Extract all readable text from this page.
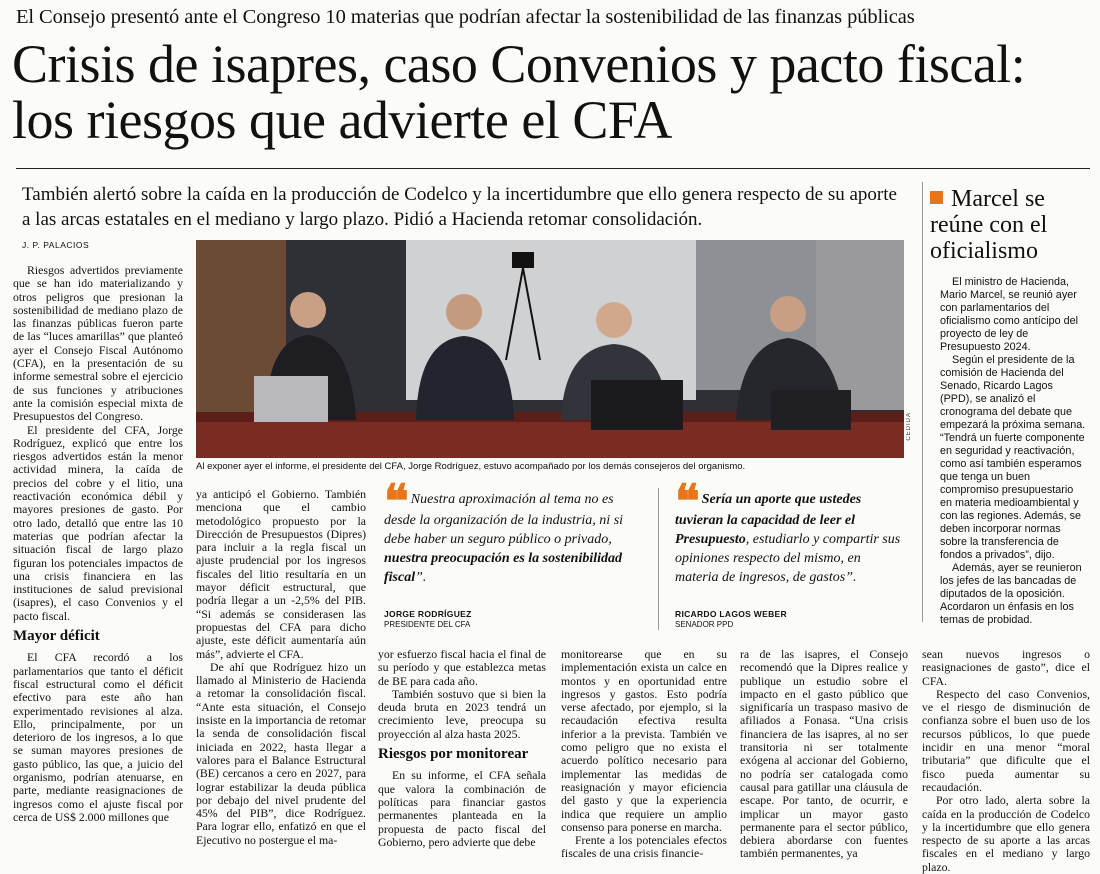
El Consejo presentó ante el Congreso 10 materias que podrían afectar la sostenibilidad de las finanzas públicas
Crisis de isapres, caso Convenios y pacto fiscal: los riesgos que advierte el CFA
También alertó sobre la caída en la producción de Codelco y la incertidumbre que ello genera respecto de su aporte a las arcas estatales en el mediano y largo plazo. Pidió a Hacienda retomar consolidación.
J. P. PALACIOS
Al exponer ayer el informe, el presidente del CFA, Jorge Rodríguez, estuvo acompañado por los demás consejeros del organismo.
CEDIDA

Riesgos advertidos previamente que se han ido materializando y otros peligros que presionan la sostenibilidad de mediano plazo de las finanzas públicas fueron parte de las “luces amarillas” que planteó ayer el Consejo Fiscal Autónomo (CFA), en la presentación de su informe semestral sobre el ejercicio de sus funciones y atribuciones ante la comisión especial mixta de Presupuestos del Congreso.

El presidente del CFA, Jorge Rodríguez, explicó que entre los riesgos advertidos están la menor actividad minera, la caída de precios del cobre y el litio, una reactivación económica débil y mayores presiones de gasto. Por otro lado, detalló que entre las 10 materias que podrían afectar la situación fiscal de largo plazo figuran los potenciales impactos de una crisis financiera en las instituciones de salud previsional (isapres), el caso Convenios y el pacto fiscal.

Mayor déficit

El CFA recordó a los parlamentarios que tanto el déficit fiscal estructural como el déficit efectivo para este año han experimentado revisiones al alza. Ello, principalmente, por un deterioro de los ingresos, a lo que se suman mayores presiones de gasto público, las que, a juicio del organismo, podrían atenuarse, en parte, mediante reasignaciones de ingresos como el ajuste fiscal por cerca de US$ 2.000 millones que

❝ Nuestra aproximación al tema no es desde la organización de la industria, ni si debe haber un seguro público o privado, nuestra preocupación es la sostenibilidad fiscal”.
JORGE RODRÍGUEZ
PRESIDENTE DEL CFA
❝ Sería un aporte que ustedes tuvieran la capacidad de leer el Presupuesto, estudiarlo y compartir sus opiniones respecto del mismo, en materia de ingresos, de gastos”.
RICARDO LAGOS WEBER
SENADOR PPD

ya anticipó el Gobierno. También menciona que el cambio metodológico propuesto por la Dirección de Presupuestos (Dipres) para incluir a la regla fiscal un ajuste prudencial por los ingresos fiscales del litio resultaría en un mayor déficit estructural, que podría llegar a un -2,5% del PIB. “Si además se considerasen las propuestas del CFA para dicho ajuste, este déficit aumentaría aún más”, advierte el CFA.

De ahí que Rodríguez hizo un llamado al Ministerio de Hacienda a retomar la consolidación fiscal. “Ante esta situación, el Consejo insiste en la importancia de retomar la senda de consolidación fiscal iniciada en 2022, hasta llegar a valores para el Balance Estructural (BE) cercanos a cero en 2027, para lograr estabilizar la deuda pública por debajo del nivel prudente del 45% del PIB”, dice Rodríguez. Para lograr ello, enfatizó en que el Ejecutivo no postergue el ma-

yor esfuerzo fiscal hacia el final de su período y que establezca metas de BE para cada año.

También sostuvo que si bien la deuda bruta en 2023 tendrá un crecimiento leve, preocupa su proyección al alza hasta 2025.

Riesgos por monitorear

En su informe, el CFA señala que valora la combinación de políticas para financiar gastos permanentes planteada en la propuesta de pacto fiscal del Gobierno, pero advierte que debe

monitorearse que en su implementación exista un calce en montos y en oportunidad entre ingresos y gastos. Esto podría verse afectado, por ejemplo, si la recaudación efectiva resulta inferior a la prevista. También ve como peligro que no exista el acuerdo político necesario para implementar las medidas de reasignación y mayor eficiencia del gasto y que la experiencia indica que requiere un amplio consenso para ponerse en marcha.

Frente a los potenciales efectos fiscales de una crisis financie-

ra de las isapres, el Consejo recomendó que la Dipres realice y publique un estudio sobre el impacto en el gasto público que significaría un traspaso masivo de afiliados a Fonasa. “Una crisis financiera de las isapres, al no ser transitoria ni ser totalmente exógena al accionar del Gobierno, no podría ser catalogada como causal para gatillar una cláusula de escape. Por tanto, de ocurrir, e implicar un mayor gasto permanente para el sector público, debiera abordarse con fuentes también permanentes, ya

sean nuevos ingresos o reasignaciones de gasto”, dice el CFA.

Respecto del caso Convenios, ve el riesgo de disminución de confianza sobre el buen uso de los recursos públicos, lo que puede incidir en una menor “moral tributaria” que dificulte que el fisco pueda aumentar su recaudación.

Por otro lado, alerta sobre la caída en la producción de Codelco y la incertidumbre que ello genera respecto de su aporte a las arcas fiscales en el mediano y largo plazo.

Marcel se reúne con el oficialismo

El ministro de Hacienda, Mario Marcel, se reunió ayer con parlamentarios del oficialismo como antícipo del proyecto de ley de Presupuesto 2024.

Según el presidente de la comisión de Hacienda del Senado, Ricardo Lagos (PPD), se analizó el cronograma del debate que empezará la próxima semana. “Tendrá un fuerte componente en seguridad y reactivación, como así también esperamos que tenga un buen compromiso presupuestario en materia medioambiental y con las regiones. Además, se deben incorporar normas sobre la transferencia de fondos a privados”, dijo.

Además, ayer se reunieron los jefes de las bancadas de diputados de la oposición. Acordaron un énfasis en los temas de probidad.
